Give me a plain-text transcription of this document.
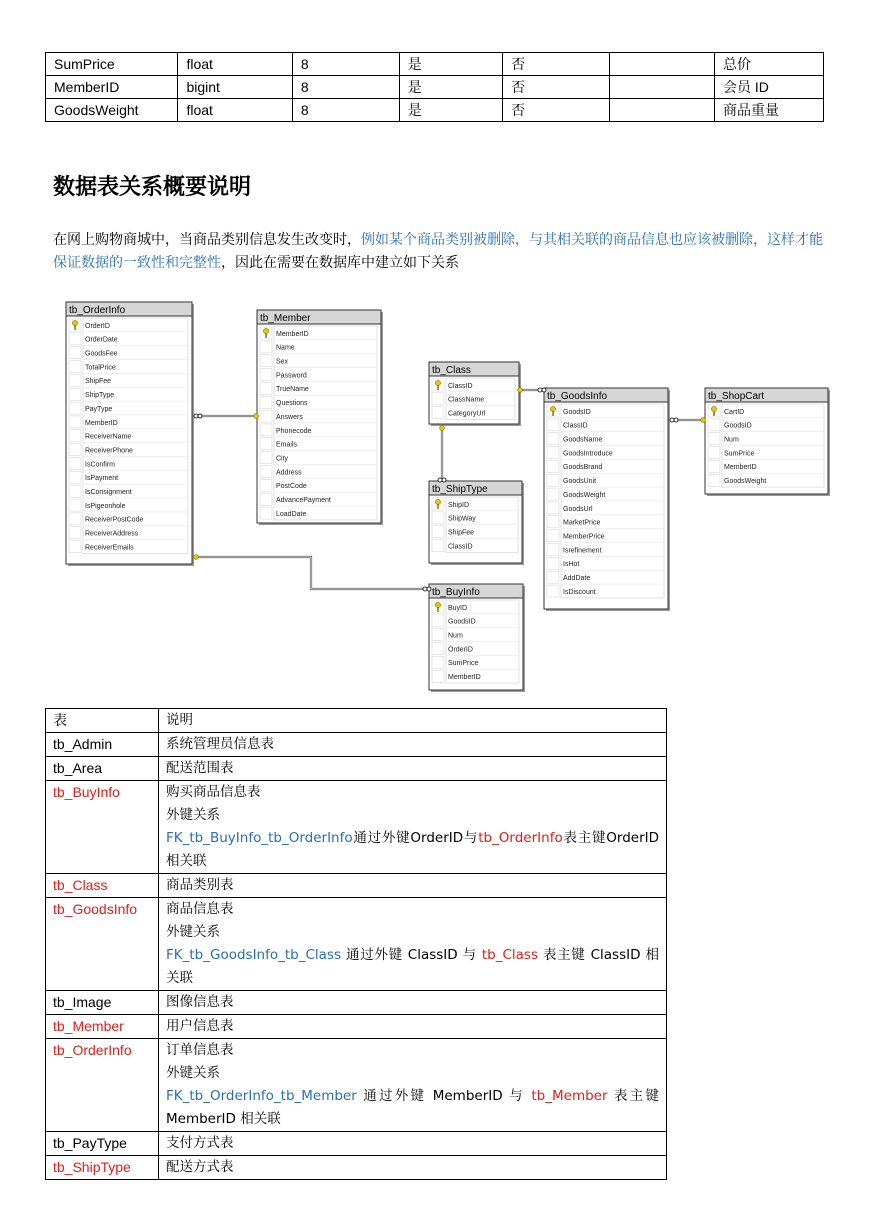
SumPrice	float	8	是	否		总价
MemberID	bigint	8	是	否		会员 ID
GoodsWeight	float	8	是	否		商品重量
数据表关系概要说明

在网上购物商城中，当商品类别信息发生改变时，例如某个商品类别被删除，与其相关联的商品信息也应该被删除，这样才能保证数据的一致性和完整性，因此在需要在数据库中建立如下关系

tb_OrderInfo
OrderID
OrderDate
GoodsFee
TotalPrice
ShipFee
ShipType
PayType
MemberID
ReceiverName
ReceiverPhone
IsConfirm
IsPayment
IsConsignment
IsPigeonhole
ReceiverPostCode
ReceiverAddress
ReceiverEmails
tb_Member
MemberID
Name
Sex
Password
TrueName
Questions
Answers
Phonecode
Emails
City
Address
PostCode
AdvancePayment
LoadDate
tb_Class
ClassID
ClassName
CategoryUrl
tb_ShipType
ShipID
ShipWay
ShipFee
ClassID
tb_GoodsInfo
GoodsID
ClassID
GoodsName
GoodsIntroduce
GoodsBrand
GoodsUnit
GoodsWeight
GoodsUrl
MarketPrice
MemberPrice
Isrefinement
IsHot
AddDate
IsDiscount
tb_ShopCart
CartID
GoodsID
Num
SumPrice
MemberID
GoodsWeight
tb_BuyInfo
BuyID
GoodsID
Num
OrderID
SumPrice
MemberID
表	说明
tb_Admin	系统管理员信息表

tb_Area	配送范围表

tb_BuyInfo	购买商品信息表
外键关系
FK_tb_BuyInfo_tb_OrderInfo通过外键OrderID与tb_OrderInfo表主键OrderID相关联

tb_Class	商品类别表

tb_GoodsInfo	商品信息表
外键关系
FK_tb_GoodsInfo_tb_Class 通过外键 ClassID 与 tb_Class 表主键 ClassID 相关联

tb_Image	图像信息表

tb_Member	用户信息表

tb_OrderInfo	订单信息表
外键关系
FK_tb_OrderInfo_tb_Member 通过外键 MemberID 与 tb_Member 表主键 MemberID 相关联

tb_PayType	支付方式表

tb_ShipType	配送方式表
